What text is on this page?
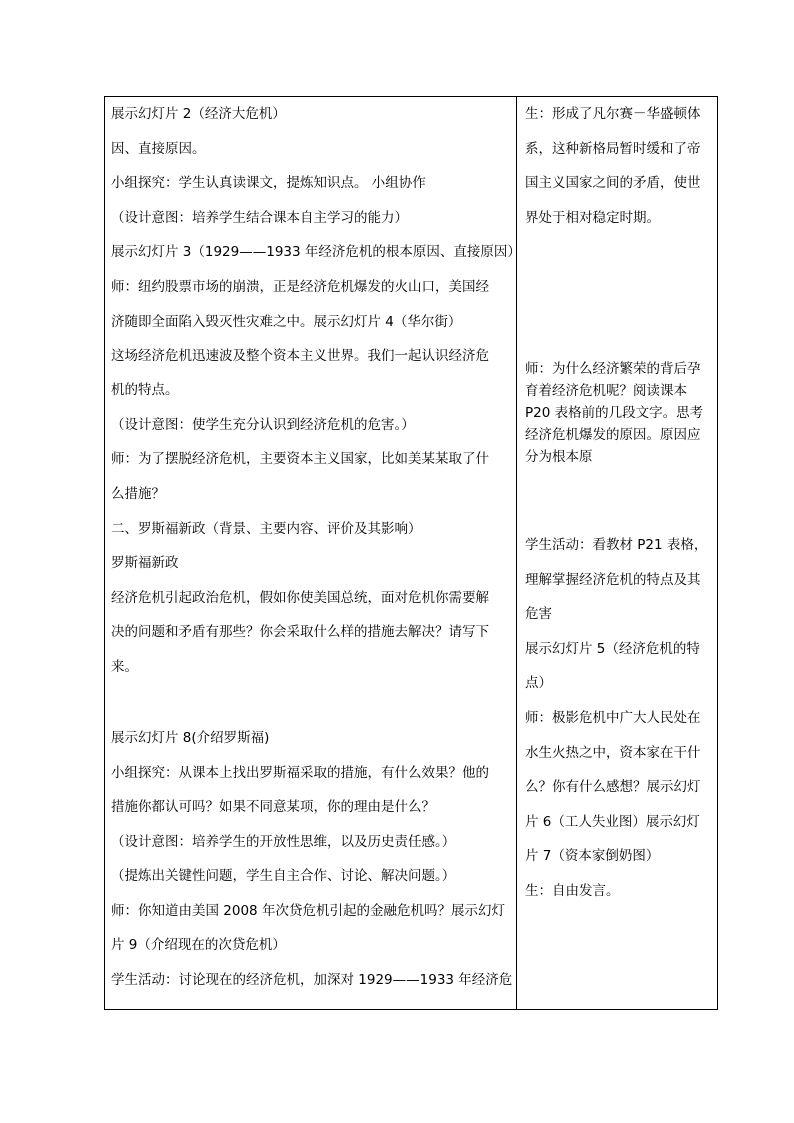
展示幻灯片 2（经济大危机）
因、直接原因。
小组探究：学生认真读课文，提炼知识点。 小组协作
（设计意图：培养学生结合课本自主学习的能力）
展示幻灯片 3（1929——1933 年经济危机的根本原因、直接原因）
师：纽约股票市场的崩溃，正是经济危机爆发的火山口，美国经
济随即全面陷入毁灭性灾难之中。展示幻灯片 4（华尔街）
这场经济危机迅速波及整个资本主义世界。我们一起认识经济危
机的特点。
（设计意图：使学生充分认识到经济危机的危害。）
师：为了摆脱经济危机，主要资本主义国家，比如美某某取了什
么措施？
二、罗斯福新政（背景、主要内容、评价及其影响）
罗斯福新政
经济危机引起政治危机，假如你使美国总统，面对危机你需要解
决的问题和矛盾有那些？你会采取什么样的措施去解决？请写下
来。
展示幻灯片 8(介绍罗斯福)
小组探究：从课本上找出罗斯福采取的措施，有什么效果？他的
措施你都认可吗？如果不同意某项，你的理由是什么？
（设计意图：培养学生的开放性思维，以及历史责任感。）
（提炼出关键性问题，学生自主合作、讨论、解决问题。）
师：你知道由美国 2008 年次贷危机引起的金融危机吗？展示幻灯
片 9（介绍现在的次贷危机）
学生活动：讨论现在的经济危机，加深对 1929——1933 年经济危
生：形成了凡尔赛－华盛顿体
系，这种新格局暂时缓和了帝
国主义国家之间的矛盾，使世
界处于相对稳定时期。
师：为什么经济繁荣的背后孕
育着经济危机呢？阅读课本
P20 表格前的几段文字。思考
经济危机爆发的原因。原因应
分为根本原
学生活动：看教材 P21 表格，
理解掌握经济危机的特点及其
危害
展示幻灯片 5（经济危机的特
点）
师：极影危机中广大人民处在
水生火热之中，资本家在干什
么？你有什么感想？展示幻灯
片 6（工人失业图）展示幻灯
片 7（资本家倒奶图）
生：自由发言。
